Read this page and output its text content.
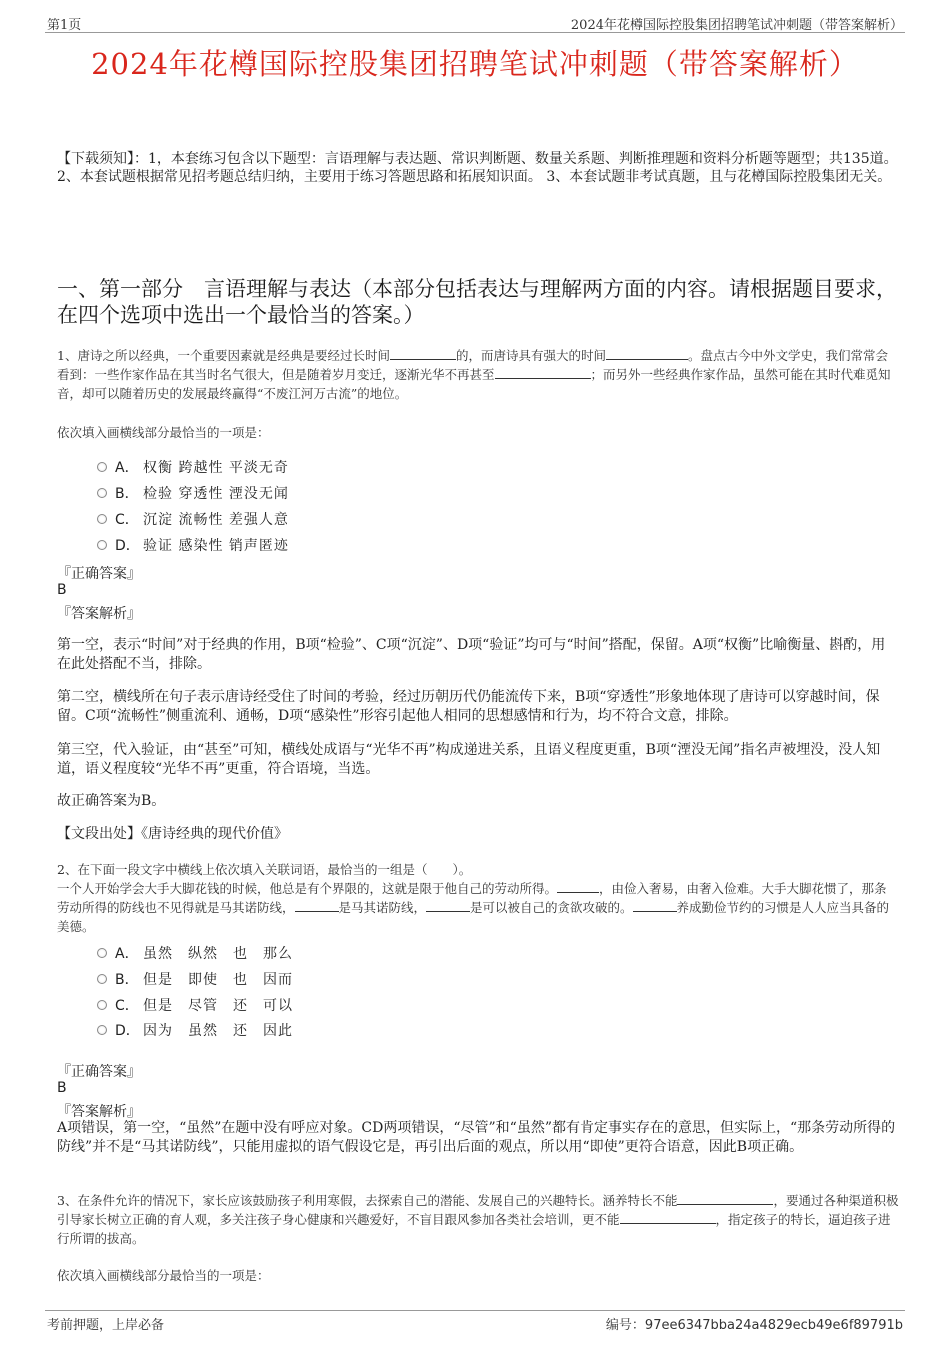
第1页	2024年花樽国际控股集团招聘笔试冲刺题（带答案解析）
2024年花樽国际控股集团招聘笔试冲刺题（带答案解析）
【下载须知】：1，本套练习包含以下题型：言语理解与表达题、常识判断题、数量关系题、判断推理题和资料分析题等题型；共135道。 2、本套试题根据常见招考题总结归纳，主要用于练习答题思路和拓展知识面。 3、本套试题非考试真题，且与花樽国际控股集团无关。
一、第一部分　言语理解与表达（本部分包括表达与理解两方面的内容。请根据题目要求，在四个选项中选出一个最恰当的答案。）
1、唐诗之所以经典，一个重要因素就是经典是要经过长时间	的，而唐诗具有强大的时间	。盘点古今中外文学史，我们常常会看到：一些作家作品在其当时名气很大，但是随着岁月变迁，逐渐光华不再甚至	；而另外一些经典作家作品，虽然可能在其时代难觅知音，却可以随着历史的发展最终赢得“不废江河万古流”的地位。
依次填入画横线部分最恰当的一项是：
A． 权衡 跨越性 平淡无奇
B． 检验 穿透性 湮没无闻
C． 沉淀 流畅性 差强人意
D． 验证 感染性 销声匿迹
『正确答案』
B
『答案解析』
第一空，表示“时间”对于经典的作用，B项“检验”、C项“沉淀”、D项“验证”均可与“时间”搭配，保留。A项“权衡”比喻衡量、斟酌，用在此处搭配不当，排除。
第二空，横线所在句子表示唐诗经受住了时间的考验，经过历朝历代仍能流传下来，B项“穿透性”形象地体现了唐诗可以穿越时间，保留。C项“流畅性”侧重流利、通畅，D项“感染性”形容引起他人相同的思想感情和行为，均不符合文意，排除。
第三空，代入验证，由“甚至”可知，横线处成语与“光华不再”构成递进关系，且语义程度更重，B项“湮没无闻”指名声被埋没，没人知道，语义程度较“光华不再”更重，符合语境，当选。
故正确答案为B。
【文段出处】《唐诗经典的现代价值》
2、在下面一段文字中横线上依次填入关联词语，最恰当的一组是（　　）。
一个人开始学会大手大脚花钱的时候，他总是有个界限的，这就是限于他自己的劳动所得。	，由俭入奢易，由奢入俭难。大手大脚花惯了，那条劳动所得的防线也不见得就是马其诺防线，	是马其诺防线，	是可以被自己的贪欲攻破的。	养成勤俭节约的习惯是人人应当具备的美德。
A． 虽然　纵然　也　那么
B． 但是　即使　也　因而
C． 但是　尽管　还　可以
D． 因为　虽然　还　因此
『正确答案』
B
『答案解析』
A项错误，第一空，“虽然”在题中没有呼应对象。CD两项错误，“尽管”和“虽然”都有肯定事实存在的意思，但实际上，“那条劳动所得的防线”并不是“马其诺防线”，只能用虚拟的语气假设它是，再引出后面的观点，所以用“即使”更符合语意，因此B项正确。
3、在条件允许的情况下，家长应该鼓励孩子利用寒假，去探索自己的潜能、发展自己的兴趣特长。涵养特长不能	，要通过各种渠道积极引导家长树立正确的育人观，多关注孩子身心健康和兴趣爱好，不盲目跟风参加各类社会培训，更不能	，指定孩子的特长，逼迫孩子进行所谓的拔高。
依次填入画横线部分最恰当的一项是：
考前押题，上岸必备	编号：97ee6347bba24a4829ecb49e6f89791b
